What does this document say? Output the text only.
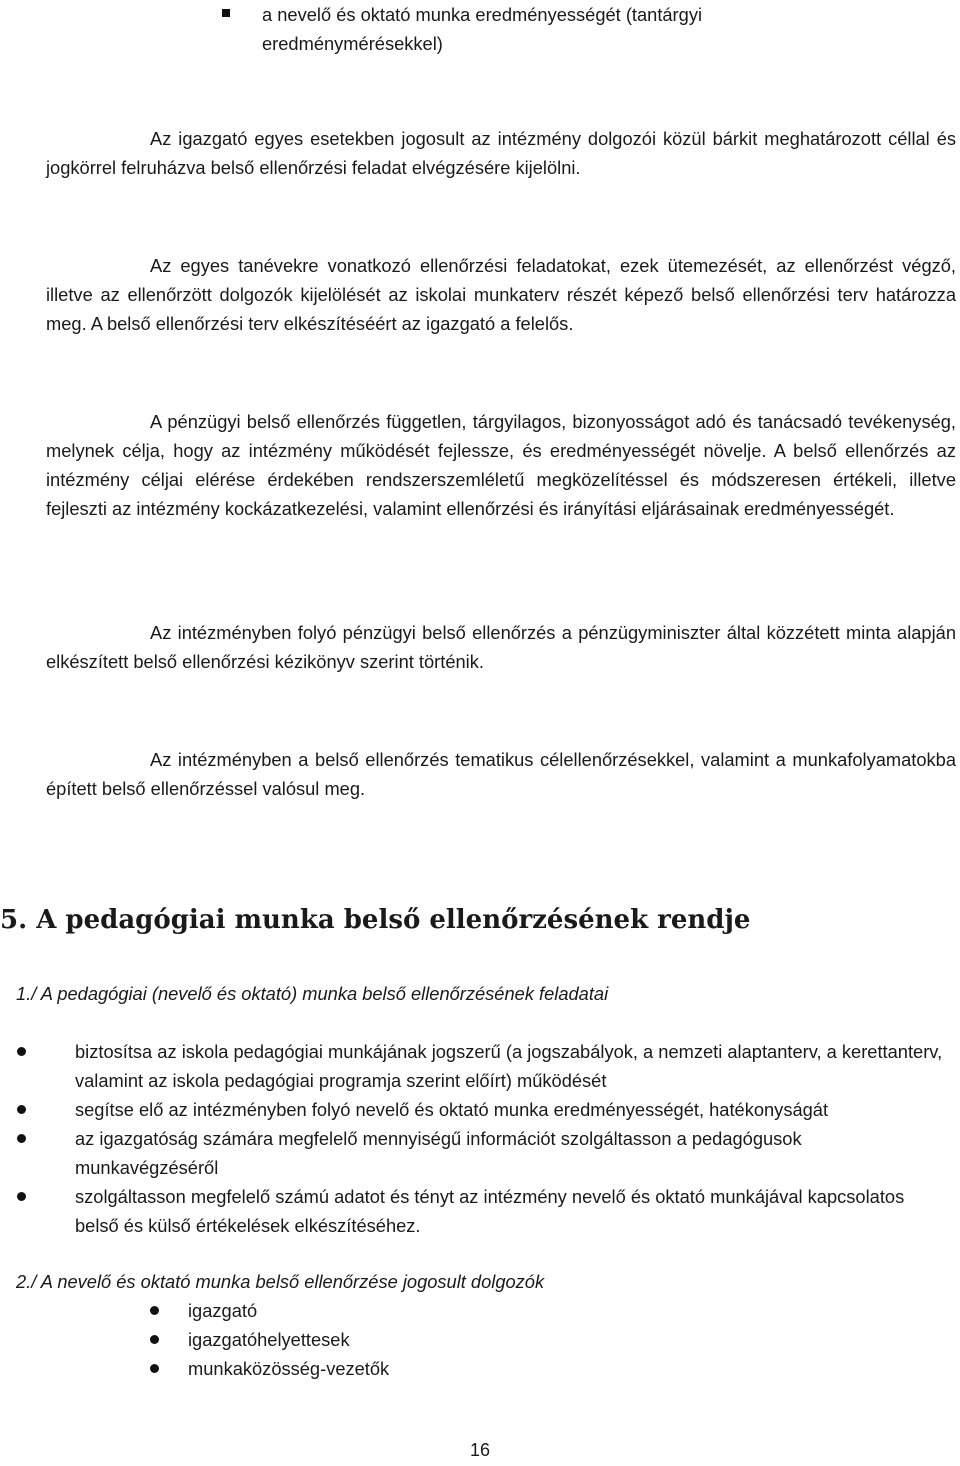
a nevelő és oktató munka eredményességét (tantárgyi eredménymérésekkel)

Az igazgató egyes esetekben jogosult az intézmény dolgozói közül bárkit meghatározott céllal és jogkörrel felruházva belső ellenőrzési feladat elvégzésére kijelölni.

Az egyes tanévekre vonatkozó ellenőrzési feladatokat, ezek ütemezését, az ellenőrzést végző, illetve az ellenőrzött dolgozók kijelölését az iskolai munkaterv részét képező belső ellenőrzési terv határozza meg. A belső ellenőrzési terv elkészítéséért az igazgató a felelős.

A pénzügyi belső ellenőrzés független, tárgyilagos, bizonyosságot adó és tanácsadó tevékenység, melynek célja, hogy az intézmény működését fejlessze, és eredményességét növelje. A belső ellenőrzés az intézmény céljai elérése érdekében rendszerszemléletű megközelítéssel és módszeresen értékeli, illetve fejleszti az intézmény kockázatkezelési, valamint ellenőrzési és irányítási eljárásainak eredményességét.

Az intézményben folyó pénzügyi belső ellenőrzés a pénzügyminiszter által közzétett minta alapján elkészített belső ellenőrzési kézikönyv szerint történik.

Az intézményben a belső ellenőrzés tematikus célellenőrzésekkel, valamint a munkafolyamatokba épített belső ellenőrzéssel valósul meg.

5. A pedagógiai munka belső ellenőrzésének rendje
1./ A pedagógiai (nevelő és oktató) munka belső ellenőrzésének feladatai
biztosítsa az iskola pedagógiai munkájának jogszerű (a jogszabályok, a nemzeti alaptanterv, a kerettanterv, valamint az iskola pedagógiai programja szerint előírt) működését
segítse elő az intézményben folyó nevelő és oktató munka eredményességét, hatékonyságát
az igazgatóság számára megfelelő mennyiségű információt szolgáltasson a pedagógusok munkavégzéséről
szolgáltasson megfelelő számú adatot és tényt az intézmény nevelő és oktató munkájával kapcsolatos belső és külső értékelések elkészítéséhez.
2./ A nevelő és oktató munka belső ellenőrzése jogosult dolgozók
igazgató
igazgatóhelyettesek
munkaközösség-vezetők
16
